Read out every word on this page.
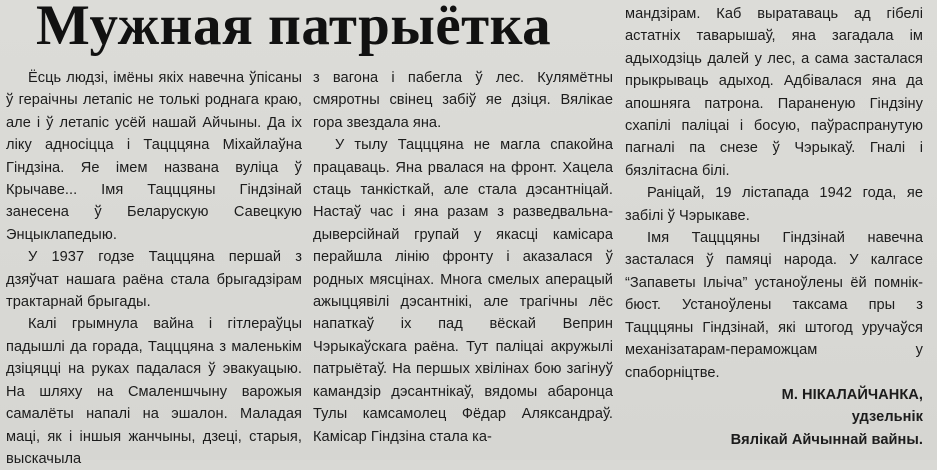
Мужная патрыётка

Ёсць людзі, імёны якіх навечна ўпісаны ў гераічны летапіс не толькі роднага краю, але і ў летапіс усёй нашай Айчыны. Да іх ліку адносіцца і Тацццяна Міхайлаўна Гіндзіна. Яе імем названа вуліца ў Крычаве... Імя Тацццяны Гіндзінай занесена ў Беларускую Савецкую Энцыклапедыю.

У 1937 годзе Тацццяна першай з дзяўчат нашага раёна стала брыгадзірам трактарнай брыгады.

Калі грымнула вайна і гітлераўцы падышлі да горада, Тацццяна з маленькім дзіцяцці на руках падалася ў эвакуацыю. На шляху на Смаленшчыну варожыя самалёты напалі на эшалон. Маладая маці, як і іншыя жанчыны, дзеці, старыя, выскачыла

з вагона і пабегла ў лес. Кулямётны смяротны свінец забіў яе дзіця. Вялікае гора звездала яна.

У тылу Тацццяна не магла спакойна працаваць. Яна рвалася на фронт. Хацела стаць танкісткай, але стала дэсантніцай. Настаў час і яна разам з разведвальна-дыверсійнай групай у якасці камісара перайшла лінію фронту і аказалася ў родных мясцінах. Многа смелых аперацый ажыццявілі дэсантнікі, але трагічны лёс напаткаў іх пад вёскай Веприн Чэрыкаўскага раёна. Тут паліцаі акружылі патрыётаў. На першых хвілінах бою загінуў камандзір дэсантнікаў, вядомы абаронца Тулы камсамолец Фёдар Аляксандраў. Камісар Гіндзіна стала ка-

мандзірам. Каб выратаваць ад гібелі астатніх таварышаў, яна загадала ім адыходзіць далей у лес, а сама засталася прыкрываць адыход. Адбівалася яна да апошняга патрона. Параненую Гіндзіну схапілі паліцаі і босую, паўраспранутую пагналі па снезе ў Чэрыкаў. Гналі і бязлітасна білі.

Раніцай, 19 лістапада 1942 года, яе забілі ў Чэрыкаве.

Імя Тацццяны Гіндзінай навечна засталася ў памяці народа. У калгасе “Запаветы Ільіча” устаноўлены ёй помнік-бюст. Устаноўлены таксама пры з Тацццяны Гіндзінай, які штогод уручаўся механізатарам-пераможцам у спаборніцтве.

М. НІКАЛАЙЧАНКА,
удзельнік
Вялікай Айчыннай вайны.
